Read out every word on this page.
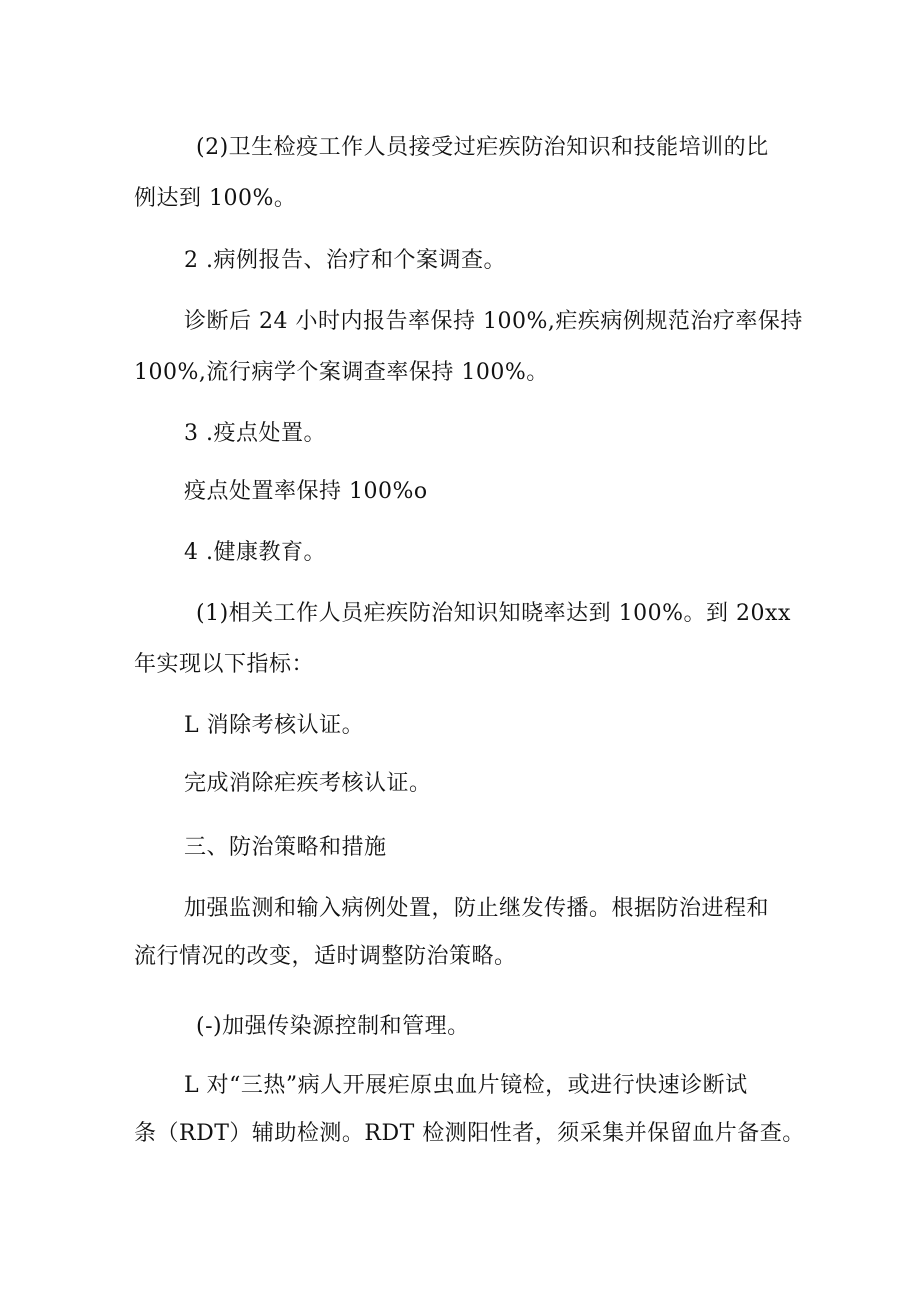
(2)卫生检疫工作人员接受过疟疾防治知识和技能培训的比
例达到 100%。
2 .病例报告、治疗和个案调查。
诊断后 24 小时内报告率保持 100%,疟疾病例规范治疗率保持
100%,流行病学个案调查率保持 100%。
3 .疫点处置。
疫点处置率保持 100%o
4 .健康教育。
(1)相关工作人员疟疾防治知识知晓率达到 100%。到 20xx
年实现以下指标：
L 消除考核认证。
完成消除疟疾考核认证。
三、防治策略和措施
加强监测和输入病例处置，防止继发传播。根据防治进程和
流行情况的改变，适时调整防治策略。
(-)加强传染源控制和管理。
L 对“三热”病人开展疟原虫血片镜检，或进行快速诊断试
条（RDT）辅助检测。RDT 检测阳性者，须采集并保留血片备查。
